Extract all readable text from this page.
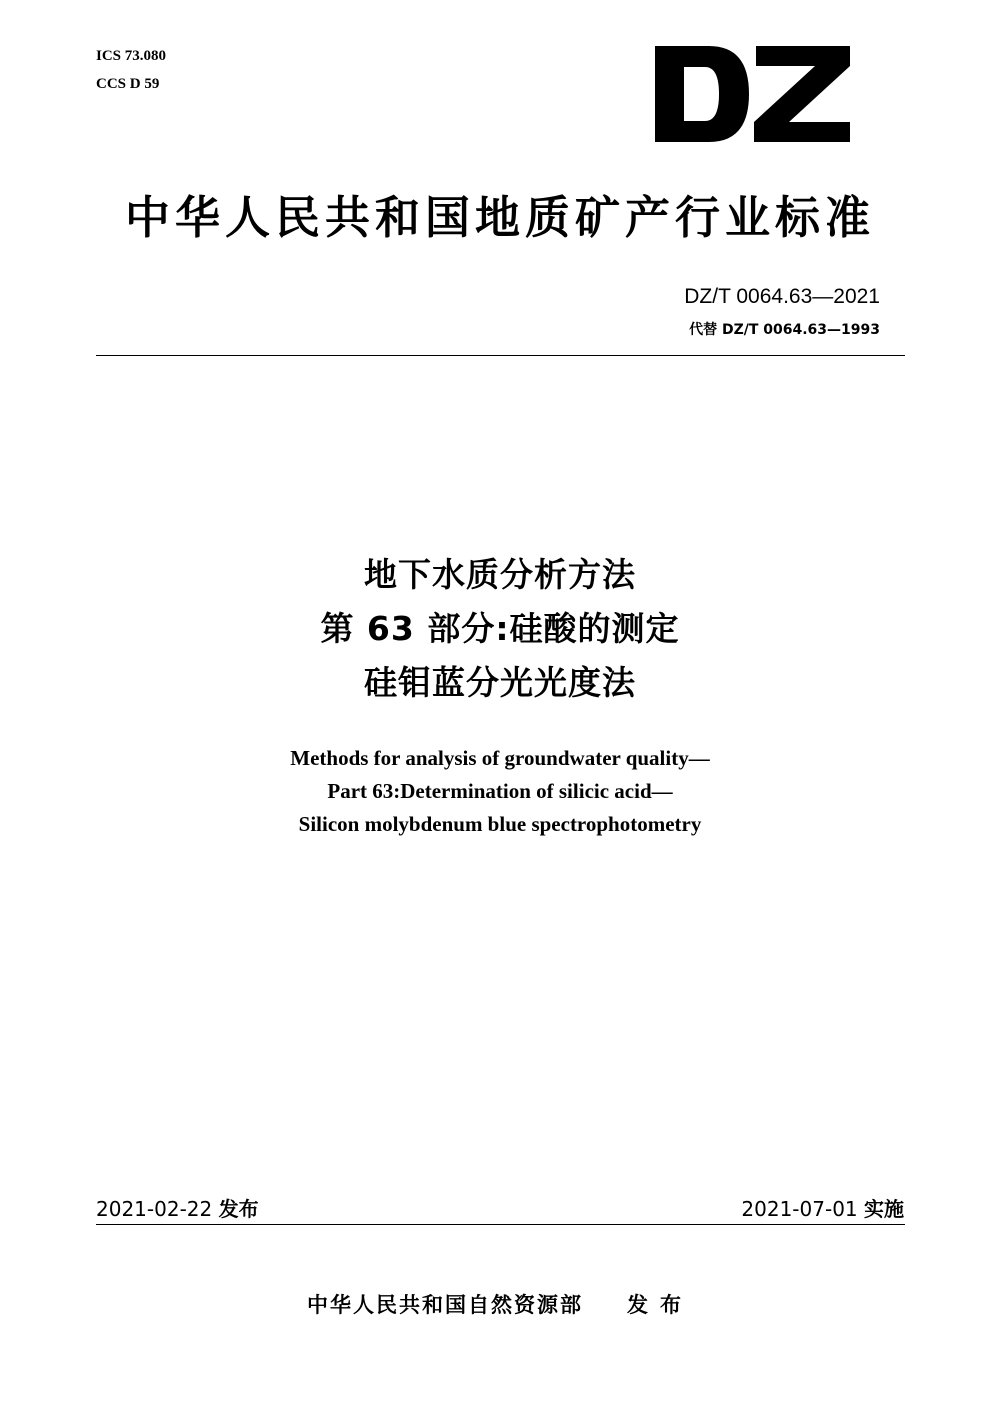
ICS 73.080
CCS D 59
中华人民共和国地质矿产行业标准
DZ/T 0064.63—2021
代替 DZ/T 0064.63—1993
地下水质分析方法
第 63 部分:硅酸的测定
硅钼蓝分光光度法
Methods for analysis of groundwater quality—
Part 63:Determination of silicic acid—
Silicon molybdenum blue spectrophotometry
2021-02-22 发布	2021-07-01 实施
中华人民共和国自然资源部 发布
